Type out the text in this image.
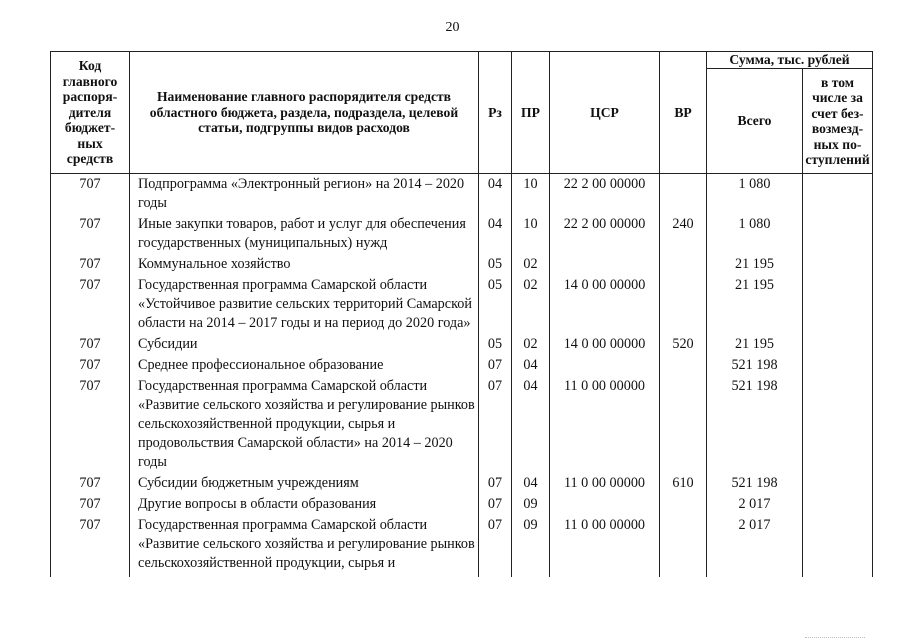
20
Код главного распоря-дителя бюджет-ных средств	Наименование главного распорядителя средств областного бюджета, раздела, подраздела, целевой статьи, подгруппы видов расходов	Рз	ПР	ЦСР	ВР	Сумма, тыс. рублей	
						Всего	в том числе за счет без-возмезд-ных по-ступлений
707	Подпрограмма «Электронный регион» на 2014 – 2020 годы	04	10	22 2 00 00000		1 080	
707	Иные закупки товаров, работ и услуг для обеспечения государственных (муниципальных) нужд	04	10	22 2 00 00000	240	1 080	
707	Коммунальное хозяйство	05	02			21 195	
707	Государственная программа Самарской области «Устойчивое развитие сельских территорий Самарской области на 2014 – 2017 годы и на период до 2020 года»	05	02	14 0 00 00000		21 195	
707	Субсидии	05	02	14 0 00 00000	520	21 195	
707	Среднее профессиональное образование	07	04			521 198	
707	Государственная программа Самарской области «Развитие сельского хозяйства и регулирование рынков сельскохозяйственной продукции, сырья и продовольствия Самарской области» на 2014 – 2020 годы	07	04	11 0 00 00000		521 198	
707	Субсидии бюджетным учреждениям	07	04	11 0 00 00000	610	521 198	
707	Другие вопросы в области образования	07	09			2 017	
707	Государственная программа Самарской области «Развитие сельского хозяйства и регулирование рынков сельскохозяйственной продукции, сырья и	07	09	11 0 00 00000		2 017	
